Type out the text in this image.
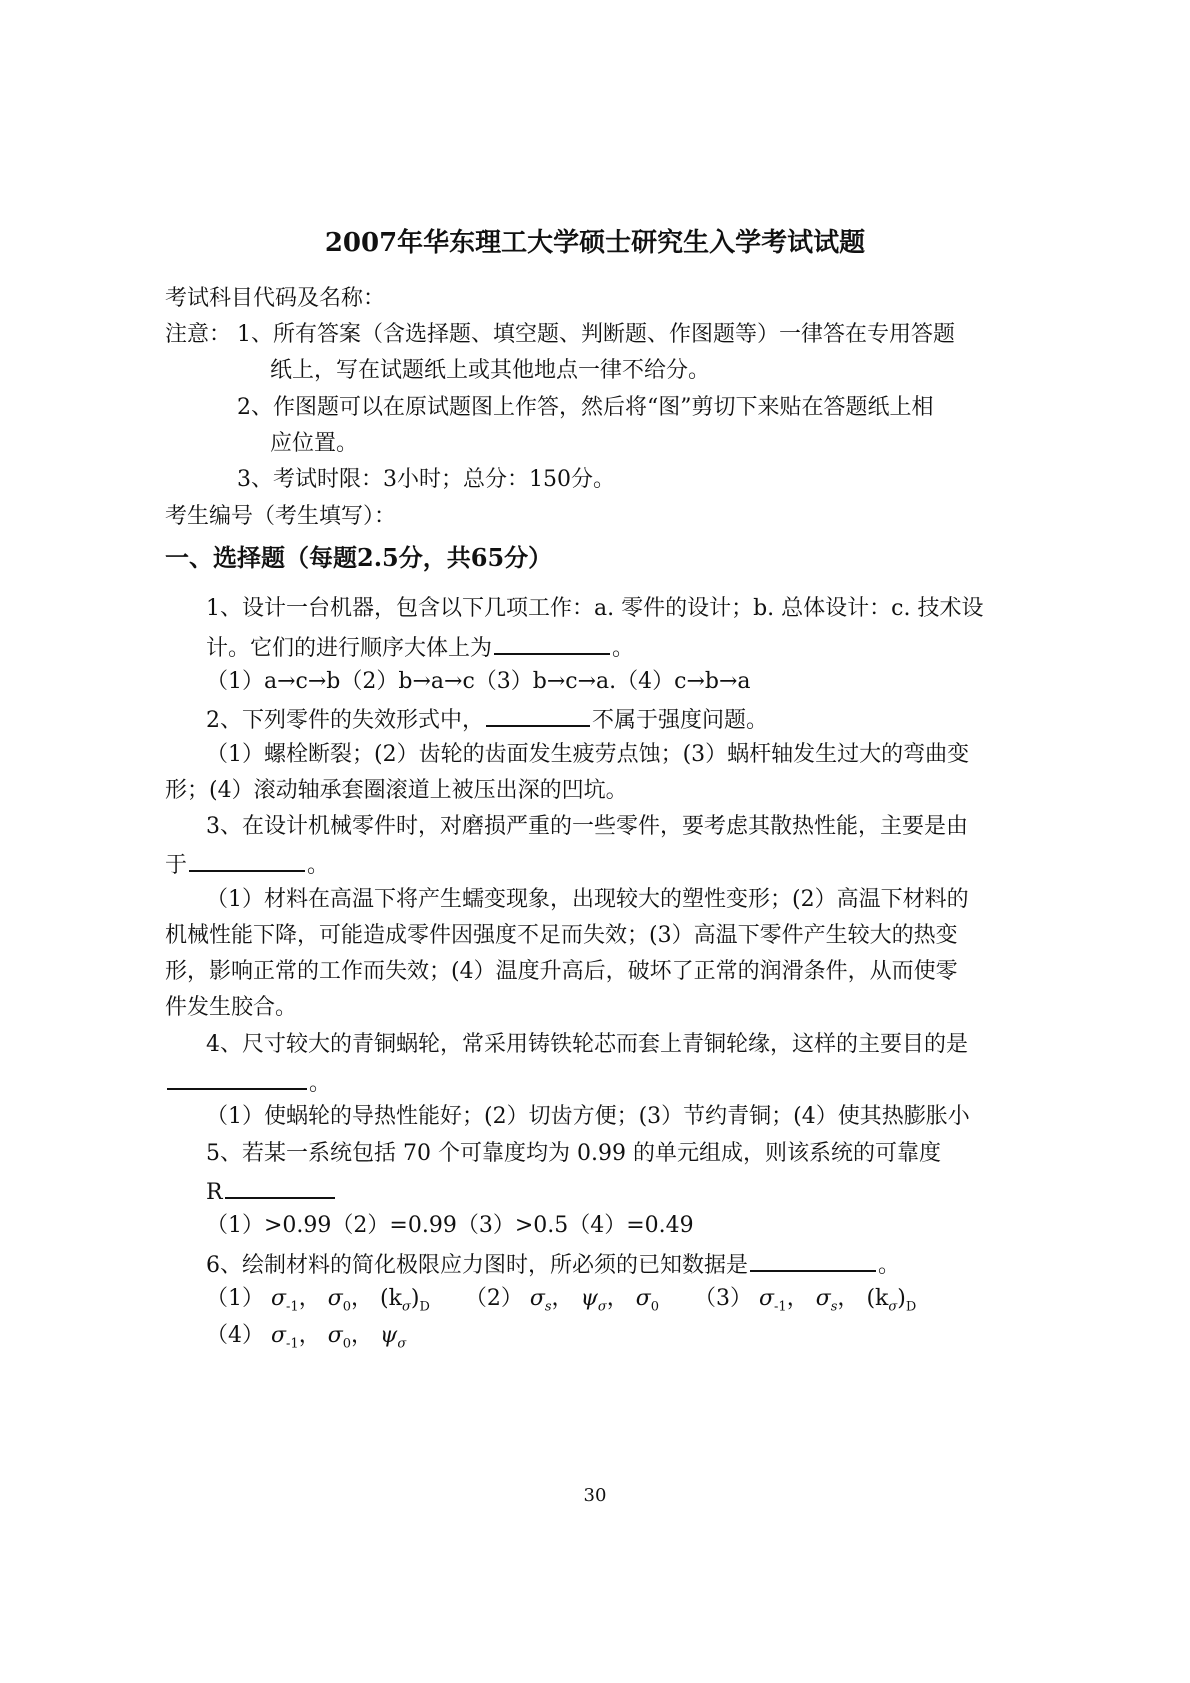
2007年华东理工大学硕士研究生入学考试试题
考试科目代码及名称：
注意： 1、所有答案（含选择题、填空题、判断题、作图题等）一律答在专用答题
纸上，写在试题纸上或其他地点一律不给分。
2、作图题可以在原试题图上作答，然后将“图”剪切下来贴在答题纸上相
应位置。
3、考试时限：3小时；总分：150分。
考生编号（考生填写）：
一、选择题（每题2.5分，共65分）
1、设计一台机器，包含以下几项工作：a. 零件的设计；b. 总体设计：c. 技术设
计。它们的进行顺序大体上为	。
（1）a→c→b（2）b→a→c（3）b→c→a.（4）c→b→a
2、下列零件的失效形式中，	不属于强度问题。
（1）螺栓断裂；(2）齿轮的齿面发生疲劳点蚀；(3）蜗杆轴发生过大的弯曲变
形；(4）滚动轴承套圈滚道上被压出深的凹坑。
3、在设计机械零件时，对磨损严重的一些零件，要考虑其散热性能，主要是由
于	。
（1）材料在高温下将产生蠕变现象，出现较大的塑性变形；(2）高温下材料的
机械性能下降，可能造成零件因强度不足而失效；(3）高温下零件产生较大的热变
形，影响正常的工作而失效；(4）温度升高后，破坏了正常的润滑条件，从而使零
件发生胶合。
4、尺寸较大的青铜蜗轮，常采用铸铁轮芯而套上青铜轮缘，这样的主要目的是
。
（1）使蜗轮的导热性能好；(2）切齿方便；(3）节约青铜；(4）使其热膨胀小
5、若某一系统包括 70 个可靠度均为 0.99 的单元组成，则该系统的可靠度
R
（1）>0.99（2）=0.99（3）>0.5（4）=0.49
6、绘制材料的简化极限应力图时，所必须的已知数据是	。
（1） $\sigma_{-1}$， $\sigma_0$， $(k_\sigma)_D$ （2） $\sigma_s$， $\psi_\sigma$， $\sigma_0$ （3） $\sigma_{-1}$， $\sigma_s$， $(k_\sigma)_D$
（4） $\sigma_{-1}$， $\sigma_0$， $\psi_\sigma$
30
